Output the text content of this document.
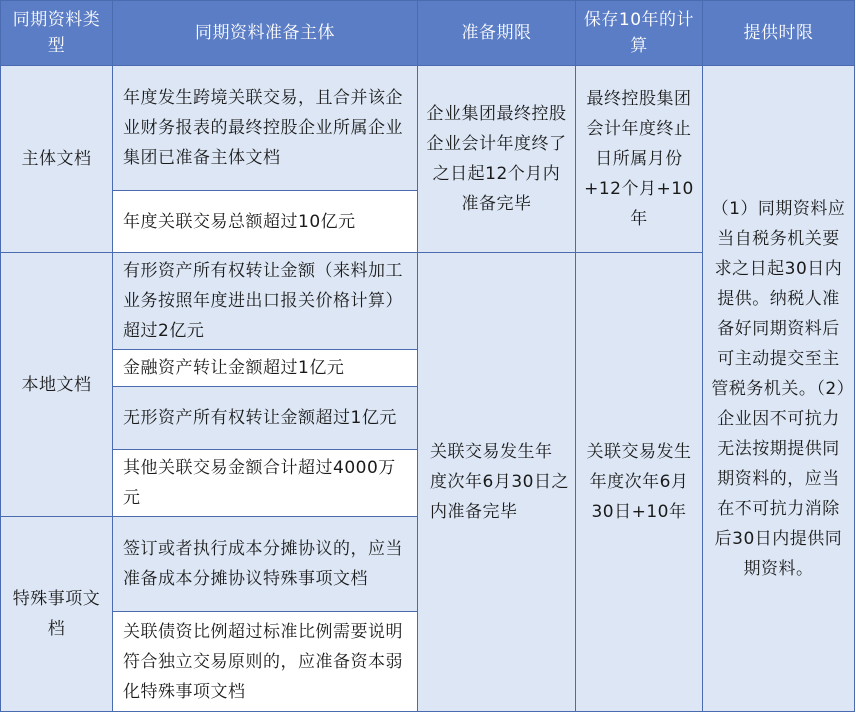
同期资料类型	同期资料准备主体	准备期限	保存10年的计算	提供时限
主体文档	年度发生跨境关联交易，且合并该企业财务报表的最终控股企业所属企业集团已准备主体文档	企业集团最终控股企业会计年度终了之日起12个月内准备完毕	最终控股集团会计年度终止日所属月份+12个月+10年	（1）同期资料应当自税务机关要求之日起30日内提供。纳税人准备好同期资料后可主动提交至主管税务机关。（2）企业因不可抗力无法按期提供同期资料的，应当在不可抗力消除后30日内提供同期资料。
	年度关联交易总额超过10亿元			
本地文档	有形资产所有权转让金额（来料加工业务按照年度进出口报关价格计算）超过2亿元	关联交易发生年度次年6月30日之内准备完毕	关联交易发生年度次年6月30日+10年	
	金融资产转让金额超过1亿元			
	无形资产所有权转让金额超过1亿元			
	其他关联交易金额合计超过4000万元			
特殊事项文档	签订或者执行成本分摊协议的，应当准备成本分摊协议特殊事项文档			
	关联债资比例超过标准比例需要说明符合独立交易原则的，应准备资本弱化特殊事项文档			
